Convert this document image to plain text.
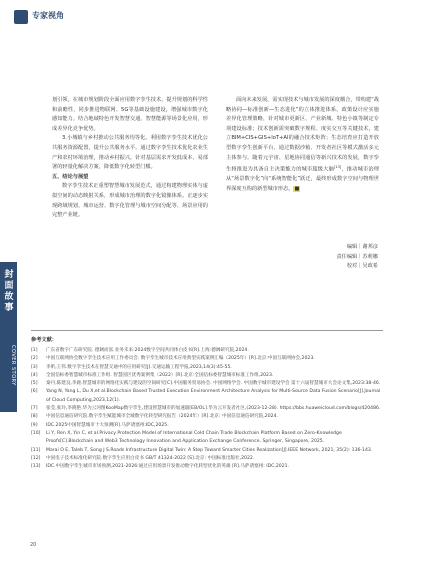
专家视角
封面故事
COVER STORY

划引领。在城市规划阶段全面应用数字孪生技术，提升规划的科学性和前瞻性，同步推进物联网、5G等基础设施建设，增强城市数字化感知能力。结合地域特色开发智慧交通、智慧能源等场景化应用，形成差异化竞争优势。

3.小城镇与乡村推动公共服务均等化。利用数字孪生技术优化公共服务资源配置，提升公共服务水平。通过数字孪生技术优化农业生产和农村环境治理，推动乡村振兴。针对基层需求开发低成本、易部署的轻量化解决方案，降低数字化转型门槛。

五、结论与展望

数字孪生技术正重塑智慧城市发展范式，通过构建物理实体与虚拟空间的动态映射关系，形成城市治理的数字化镜像体系。正逐步实现跨域规划、城市运营、数字化管理与城市空间分配等、场景应用的完整产业链。

面向未来发展，需实现技术与城市发展的深度耦合，带构建“战略协同—标准创新—生态进化”的立体推进体系。政策设计应实施差异化管理策略，针对城市更新区、产业新城、特色小镇等制定专项建设标准；技术创新需突破数字规程、度实交互等关键技术，建立BIM+CIS+GIS+IoT+AI的融合技术矩阵；生态培育应打造开放型数字孪生创新平台，通过数据沙箱、开发者社区等模式激活多元主体参与。随着元宇宙、星地协同通信等新兴技术的发展，数字孪生将推进为具备自主决策能力的城市超级大脑[13]，推动城市治理从“场景数字化”向“系统智能化”跃迁，最终形成数字空间与物理世界深度互构的新型城市形态。■

编辑｜谢邦彦
责任编辑｜苏莉娜
校对｜吴政希
参考文献：
[1]	广东省数字广东研究院. 德阔而富.业务未来:2024数字空间共同体白皮书[R].上海:德阔研究院,2024.
[2]	中国互联网协会数字孪生技术应用工作委员会. 数字孪生城市技术应用典型实践案例汇编（2025年）[R].北京:中国互联网协会,2023.
[3]	李昕,王伟.数字孪生技术在智慧交通中的应用研究[J].交通运输工程学报,2023,14(3):45-55.
[4]	全国信标委智慧城市标准工作组. 智慧园区优秀案例集（2022）[R].北京:全国信标委智慧城市标准工作组,2023.
[5]	秦丹,陈建良,李鹿.智慧城市的网络化实践与建设的空间研究[C].中国服务贸易协会. 中国网络学会. 中国数字城市建设学会 第十六届智慧城市大会论文集,2023:38-46.
[6]	Yang N, Yang L, Du X,et al.Blockchain Based Trusted Execution Environment Architecture Analysis for Multi-Source Data Fusion Scenario[J].Journal of Cloud Computing,2023,12(1).
[7]	张莹,张玲,李晓艳.华为云河图KooMap数字孪生,建设智慧城市的加速器[EB/OL].华为云开发者社区,(2023-12-28). https://bbs.huaweicloud.com/blogs/420486.
[8]	中国信息通信研究院.数字孪生赋能城市全城数字化转型研究报告（2024年）[R].北京: 中国信息通信研究院,2024.
[9]	IDC.2025中国智慧城市十大预测[R].马萨诸塞州:IDC,2025.
[10]	Li Y, Ren X, Yin C, et al.Privacy Protection Model of International Cold Chain Trade Blockchain Platform Based on Zero-Knowledge Proofs[C].Blockchain and Web3 Technology Innovation and Application Exchange Conference. Springer, Singapore, 2025.
[11]	Marai O E, Taleb T, Song J S.Roads Infrastructure Digital Twin: A Step Toward Smarter Cities Realization[J].IEEE Network, 2021, 35(2): 136-143.
[12]	中国电子技术标准化研究院.数字孪生应用白皮书 GB/T 41324-2022 [S].北京: 中国标准出版社,2022.
[13]	IDC.中国数字孪生城市市场预测,2021-2026:通过应用场景开发推动数字化转型优化的英雄 [R].马萨诸塞州: IDC,2021.
20
